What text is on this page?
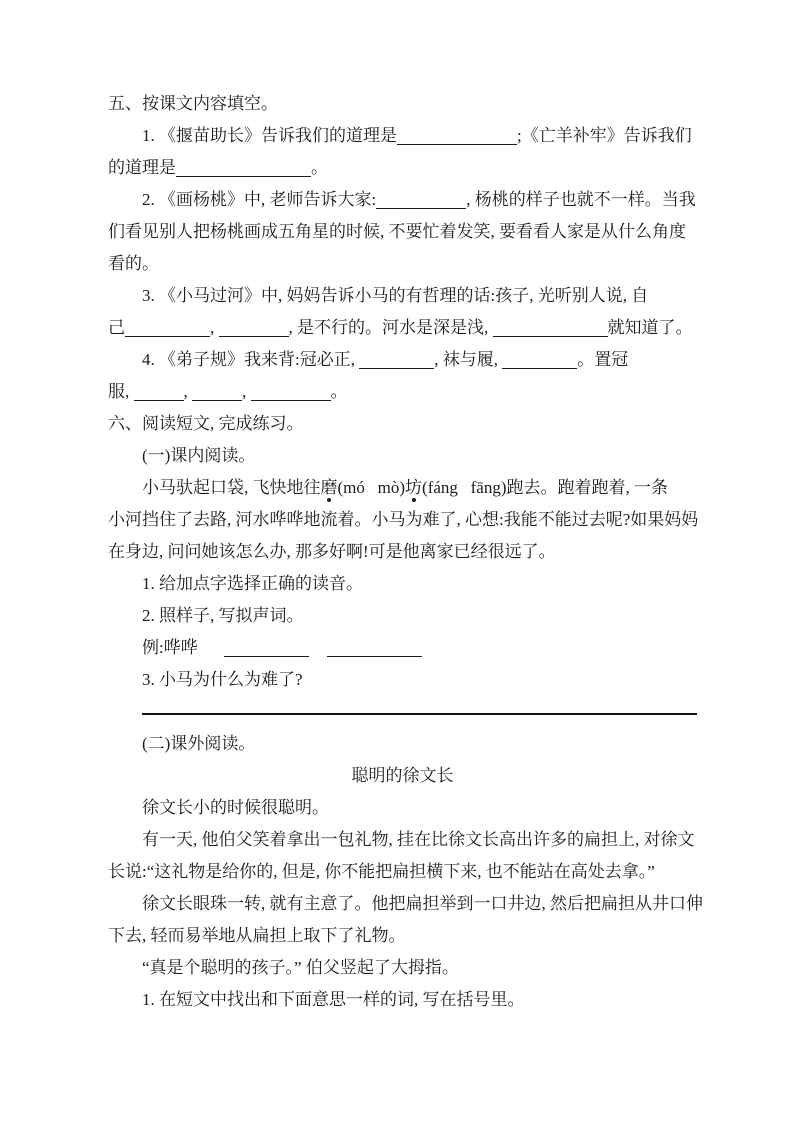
五、按课文内容填空。

1. 《揠苗助长》告诉我们的道理是	;《亡羊补牢》告诉我们

的道理是	。

2. 《画杨桃》中, 老师告诉大家:	, 杨桃的样子也就不一样。当我

们看见别人把杨桃画成五角星的时候, 不要忙着发笑, 要看看人家是从什么角度

看的。

3. 《小马过河》中, 妈妈告诉小马的有哲理的话:孩子, 光听别人说, 自

己	,	, 是不行的。河水是深是浅,	就知道了。

4. 《弟子规》我来背:冠必正,	, 袜与履,	。置冠

服,	,	,	。

六、阅读短文, 完成练习。

(一)课内阅读。

小马驮起口袋, 飞快地往磨(mó   mò)坊(fáng   fāng)跑去。跑着跑着, 一条

小河挡住了去路, 河水哗哗地流着。小马为难了, 心想:我能不能过去呢?如果妈妈

在身边, 问问她该怎么办, 那多好啊!可是他离家已经很远了。

1. 给加点字选择正确的读音。

2. 照样子, 写拟声词。

例:哗哗

3. 小马为什么为难了?

(二)课外阅读。

聪明的徐文长

徐文长小的时候很聪明。

有一天, 他伯父笑着拿出一包礼物, 挂在比徐文长高出许多的扁担上, 对徐文

长说:“这礼物是给你的, 但是, 你不能把扁担横下来, 也不能站在高处去拿。”

徐文长眼珠一转, 就有主意了。他把扁担举到一口井边, 然后把扁担从井口伸

下去, 轻而易举地从扁担上取下了礼物。

“真是个聪明的孩子。” 伯父竖起了大拇指。

1. 在短文中找出和下面意思一样的词, 写在括号里。
